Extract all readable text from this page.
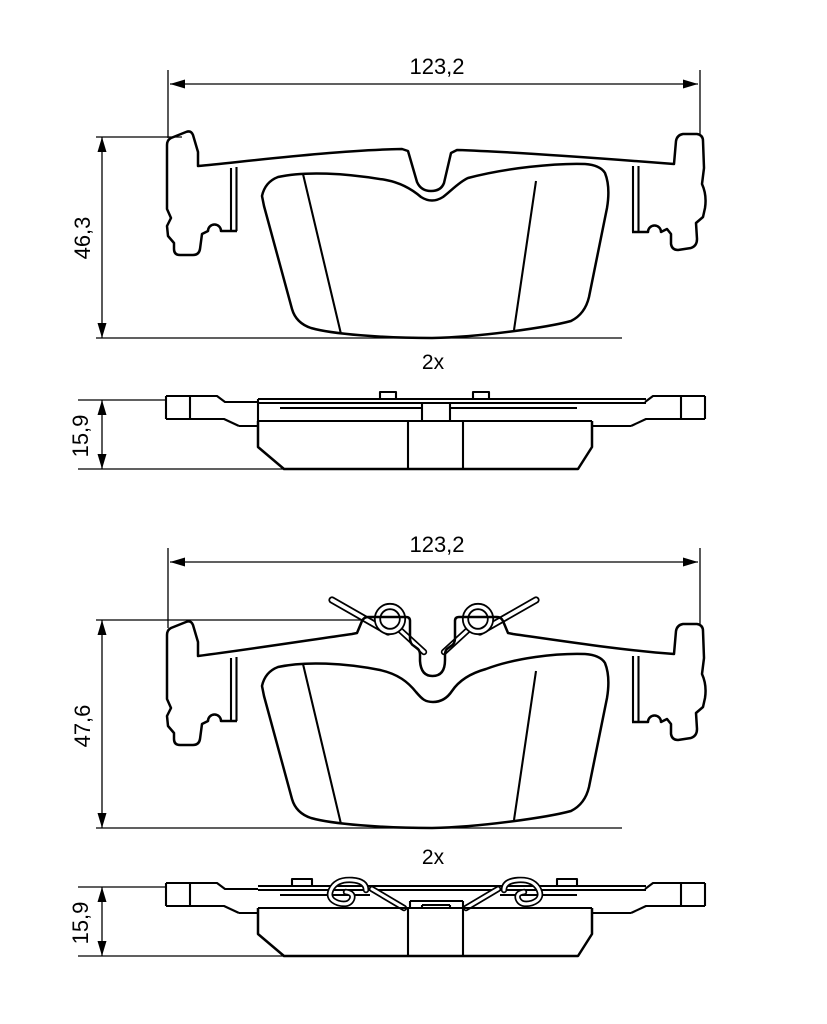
123,2
46,3
2x
15,9
123,2
47,6
2x
15,9
